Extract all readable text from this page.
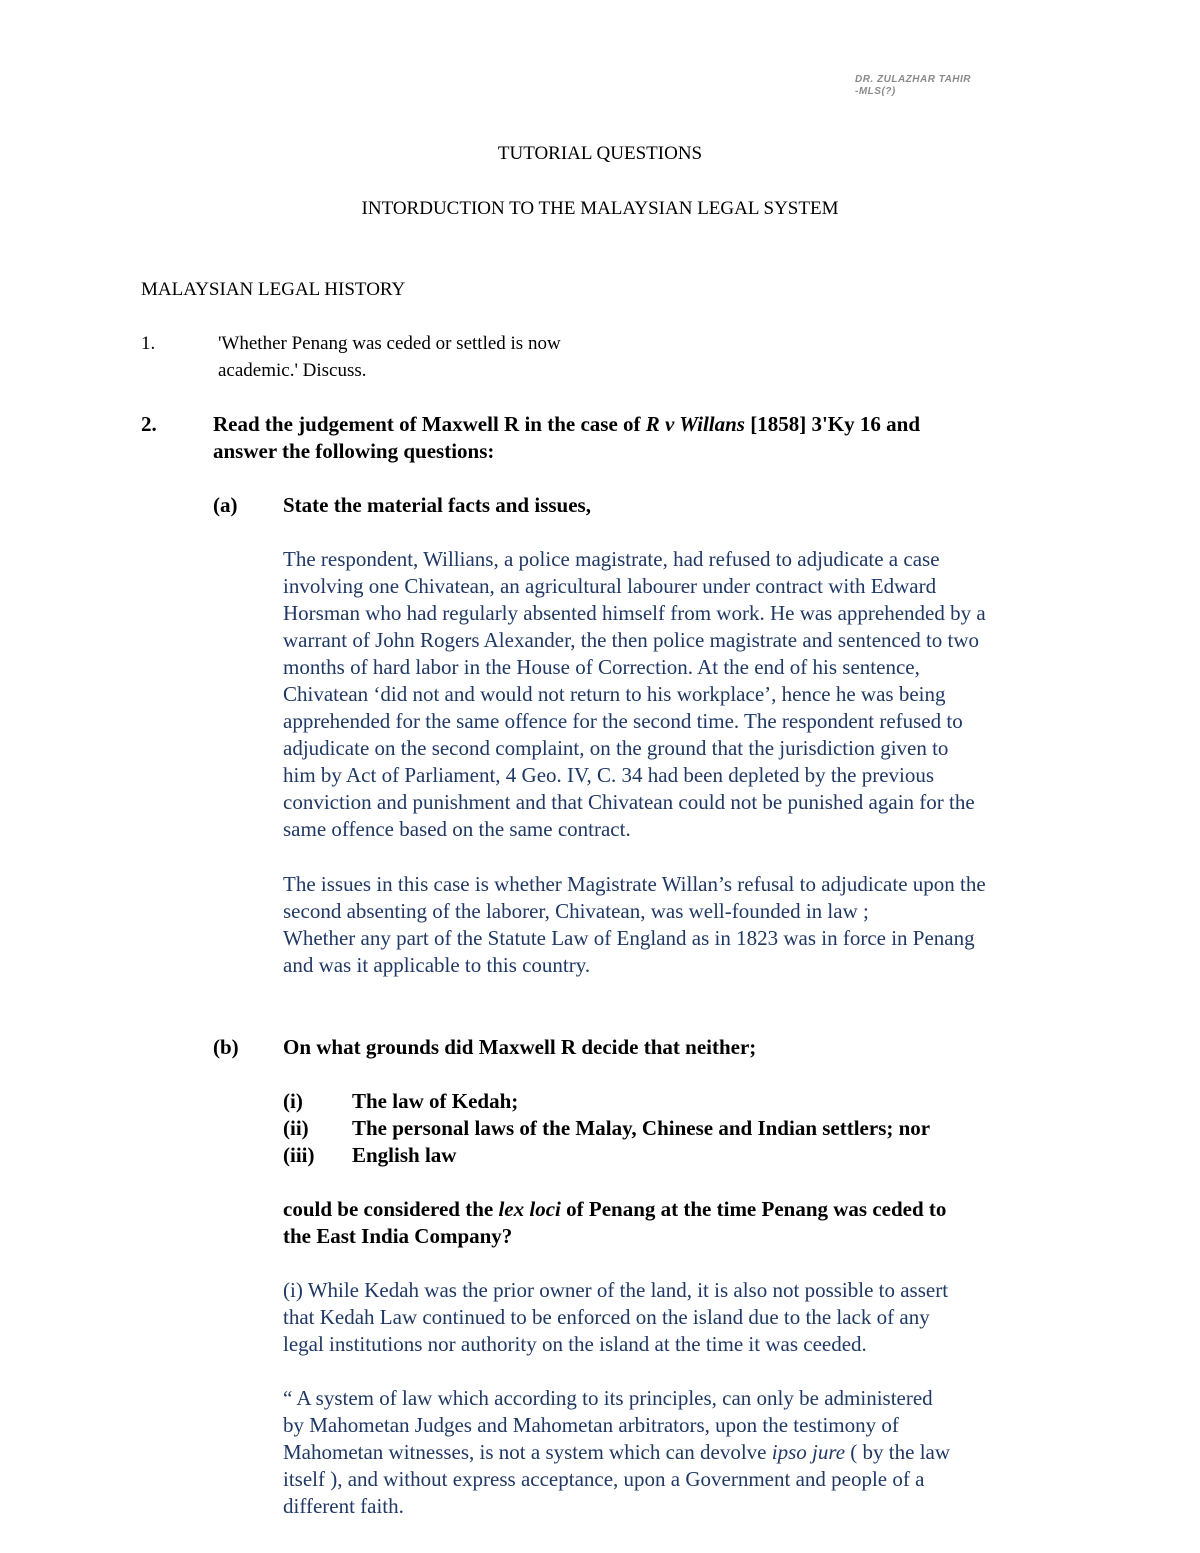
DR. ZULAZHAR TAHIR
-MLS(?)
TUTORIAL QUESTIONS
INTORDUCTION TO THE MALAYSIAN LEGAL SYSTEM
MALAYSIAN LEGAL HISTORY
1.	'Whether Penang was ceded or settled is now
academic.' Discuss.
2.	Read the judgement of Maxwell R in the case of R v Willans [1858] 3'Ky 16 and
answer the following questions:
(a) State the material facts and issues,
The respondent, Willians, a police magistrate, had refused to adjudicate a case
involving one Chivatean, an agricultural labourer under contract with Edward
Horsman who had regularly absented himself from work. He was apprehended by a
warrant of John Rogers Alexander, the then police magistrate and sentenced to two
months of hard labor in the House of Correction. At the end of his sentence,
Chivatean ‘did not and would not return to his workplace’, hence he was being
apprehended for the same offence for the second time. The respondent refused to
adjudicate on the second complaint, on the ground that the jurisdiction given to
him by Act of Parliament, 4 Geo. IV, C. 34 had been depleted by the previous
conviction and punishment and that Chivatean could not be punished again for the
same offence based on the same contract.
The issues in this case is whether Magistrate Willan’s refusal to adjudicate upon the
second absenting of the laborer, Chivatean, was well-founded in law ;
Whether any part of the Statute Law of England as in 1823 was in force in Penang
and was it applicable to this country.
(b) On what grounds did Maxwell R decide that neither;
(i) The law of Kedah;
(ii) The personal laws of the Malay, Chinese and Indian settlers; nor
(iii) English law
could be considered the lex loci of Penang at the time Penang was ceded to
the East India Company?
(i) While Kedah was the prior owner of the land, it is also not possible to assert
that Kedah Law continued to be enforced on the island due to the lack of any
legal institutions nor authority on the island at the time it was ceeded.
“ A system of law which according to its principles, can only be administered
by Mahometan Judges and Mahometan arbitrators, upon the testimony of
Mahometan witnesses, is not a system which can devolve ipso jure ( by the law
itself ), and without express acceptance, upon a Government and people of a
different faith.
